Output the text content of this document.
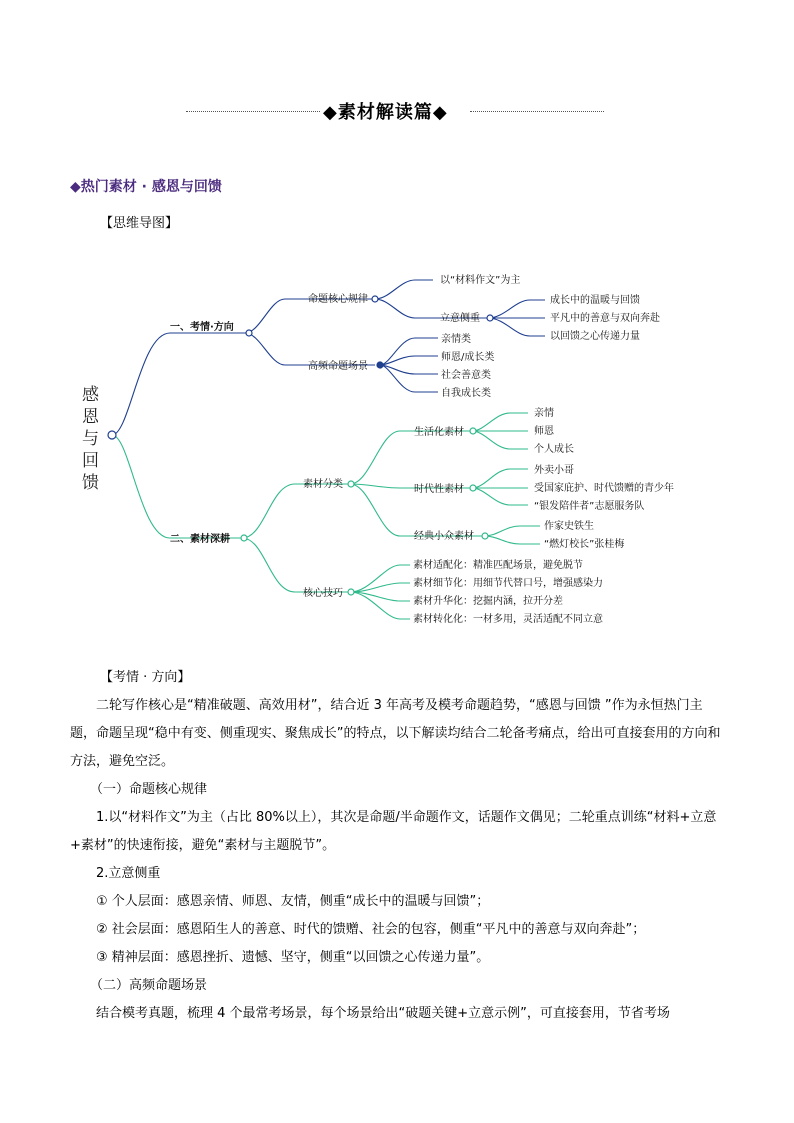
◆素材解读篇◆
◆热门素材 · 感恩与回馈
【思维导图】
感
恩
与
回
馈
一、考情·方向
命题核心规律
高频命题场景
以“材料作文”为主
立意侧重
成长中的温暖与回馈
平凡中的善意与双向奔赴
以回馈之心传递力量
亲情类
师恩/成长类
社会善意类
自我成长类
二、素材深耕
素材分类
核心技巧
生活化素材
时代性素材
经典小众素材
亲情
师恩
个人成长
外卖小哥
受国家庇护、时代馈赠的青少年
“银发陪伴者”志愿服务队
作家史铁生
“燃灯校长”张桂梅
素材适配化：精准匹配场景，避免脱节
素材细节化：用细节代替口号，增强感染力
素材升华化：挖掘内涵，拉开分差
素材转化化：一材多用，灵活适配不同立意

【考情 · 方向】

二轮写作核心是“精准破题、高效用材”，结合近 3 年高考及模考命题趋势，“感恩与回馈 ”作为永恒热门主题，命题呈现“稳中有变、侧重现实、聚焦成长”的特点，以下解读均结合二轮备考痛点，给出可直接套用的方向和方法，避免空泛。

（一）命题核心规律

1.以“材料作文”为主（占比 80%以上），其次是命题/半命题作文，话题作文偶见；二轮重点训练“材料+立意+素材”的快速衔接，避免“素材与主题脱节”。

2.立意侧重

① 个人层面：感恩亲情、师恩、友情，侧重“成长中的温暖与回馈”；

② 社会层面：感恩陌生人的善意、时代的馈赠、社会的包容，侧重“平凡中的善意与双向奔赴”；

③ 精神层面：感恩挫折、遗憾、坚守，侧重“以回馈之心传递力量”。

（二）高频命题场景

结合模考真题，梳理 4 个最常考场景，每个场景给出“破题关键+立意示例”，可直接套用，节省考场
